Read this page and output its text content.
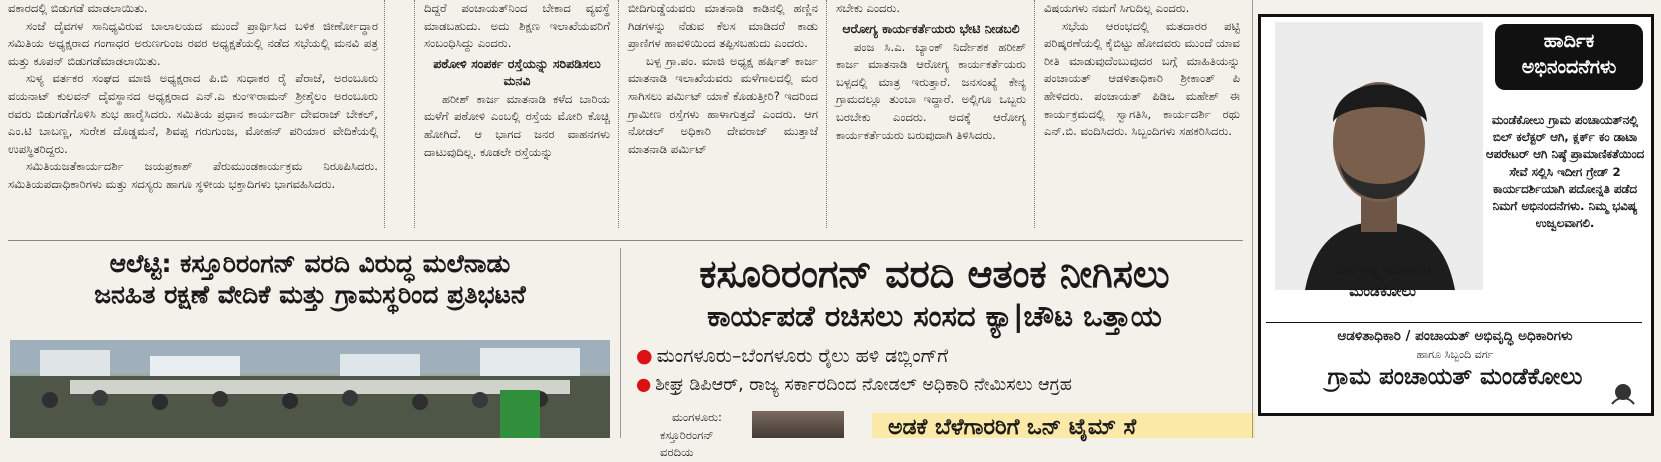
ವಕಾರದಲ್ಲಿ ಬಿಡುಗಡೆ ಮಾಡಲಾಯಿತು.

ಸಂಜೆ ದೈವಗಳ ಸಾನಿಧ್ಯವಿರುವ ಬಾಲಾಲಯದ ಮುಂದೆ ಪ್ರಾರ್ಥಿಸಿದ ಬಳಿಕ ಜೀರ್ಣೋದ್ಧಾರ ಸಮಿತಿಯ ಅಧ್ಯಕ್ಷರಾದ ಗಂಗಾಧರ ಅರುಣಗುಂಜ ರವರ ಅಧ್ಯಕ್ಷತೆಯಲ್ಲಿ ನಡೆದ ಸಭೆಯಲ್ಲಿ ಮನವಿ ಪತ್ರ ಮತ್ತು ಕೂಪನ್ ಬಿಡುಗಡೆಮಾಡಲಾಯಿತು.

ಸುಳ್ಯ ವರ್ತಕರ ಸಂಘದ ಮಾಜಿ ಅಧ್ಯಕ್ಷರಾದ ಪಿ.ಬಿ ಸುಧಾಕರ ರೈ ಪೆರಾಜೆ, ಅರಂಬೂರು ವಯನಾಟ್ ಕುಲವನ್ ದೈವಸ್ಥಾನದ ಅಧ್ಯಕ್ಷರಾದ ಎನ್.ಎ ಕುಂಞರಾಮನ್ ಶ್ರೀಶೈಲಂ ಅರಂಬೂರು ರವರು ಬಿಡುಗಡೆಗೊಳಿಸಿ ಶುಭ ಹಾರೈಸಿದರು. ಸಮಿತಿಯ ಪ್ರಧಾನ ಕಾರ್ಯದರ್ಶಿ ದೇವರಾಜ್ ಬೇಕಲ್, ಎಂ.ಟಿ ಬಾಬಣ್ಣ, ಸುರೇಶ ದೊಡ್ಡಮನೆ, ಶಿವಪ್ಪ ಗರುಗುಂಜ, ಮೋಹನ್ ಪರಿಯಾರ ವೇದಿಕೆಯಲ್ಲಿ ಉಪಸ್ಥಿತರಿದ್ದರು.

ಸಮಿತಿಯಜತೆಕಾರ್ಯದರ್ಶಿ ಜಯಪ್ರಕಾಶ್ ಪೆರುಮುಂಡಕಾರ್ಯಕ್ರಮ ನಿರೂಪಿಸಿದರು. ಸಮಿತಿಯಪದಾಧಿಕಾರಿಗಳು ಮತ್ತು ಸದಸ್ಯರು ಹಾಗೂ ಸ್ಥಳೀಯ ಭಕ್ತಾದಿಗಳು ಭಾಗವಹಿಸಿದರು.

ದಿದ್ದರೆ ಪಂಚಾಯತ್‌ನಿಂದ ಬೇಕಾದ ವ್ಯವಸ್ಥೆ ಮಾಡಬಹುದು. ಅದು ಶಿಕ್ಷಣ ಇಲಾಖೆಯವರಿಗೆ ಸಂಬಂಧಿಸಿದ್ದು ಎಂದರು.

ಪಠೋಳಿ ಸಂಪರ್ಕ ರಸ್ತೆಯನ್ನು ಸರಿಪಡಿಸಲು ಮನವಿ

ಹರೀಶ್ ಕಾರ್ಜ ಮಾತನಾಡಿ ಕಳೆದ ಬಾರಿಯ ಮಳೆಗೆ ಪಠೋಳಿ ಎಂಬಲ್ಲಿ ರಸ್ತೆಯ ಮೋರಿ ಕೊಚ್ಚಿ ಹೋಗಿದೆ. ಆ ಭಾಗದ ಜನರ ವಾಹನಗಳು ದಾಟುವುದಿಲ್ಲ. ಕೂಡಲೇ ರಸ್ತೆಯನ್ನು

ಬೀದಿಗುಡ್ಡೆಯವರು ಮಾತನಾಡಿ ಕಾಡಿನಲ್ಲಿ ಹಣ್ಣಿನ ಗಿಡಗಳನ್ನು ನೆಡುವ ಕೆಲಸ ಮಾಡಿದರೆ ಕಾಡು ಪ್ರಾಣಿಗಳ ಹಾವಳಿಯಿಂದ ತಪ್ಪಿಸಬಹುದು ಎಂದರು.

ಬಳ್ಪ ಗ್ರಾ.ಪಂ. ಮಾಜಿ ಅಧ್ಯಕ್ಷ ಹರ್ಷಿತ್ ಕಾರ್ಜ ಮಾತನಾಡಿ ಇಲಾಖೆಯವರು ಮಳೆಗಾಲದಲ್ಲಿ ಮರ ಸಾಗಿಸಲು ಪರ್ಮಿಟ್ ಯಾಕೆ ಕೊಡುತ್ತೀರಿ? ಇದರಿಂದ ಗ್ರಾಮೀಣ ರಸ್ತೆಗಳು ಹಾಳಾಗುತ್ತದೆ ಎಂದರು. ಆಗ ನೋಡಲ್ ಅಧಿಕಾರಿ ದೇವರಾಜ್ ಮುತ್ತಾಜೆ ಮಾತನಾಡಿ ಪರ್ಮಿಟ್

ಸಬೇಕು ಎಂದರು.

ಆರೋಗ್ಯ ಕಾರ್ಯಕರ್ತೆಯರು ಭೇಟಿ ನೀಡಬಲಿ

ಪಂಜ ಸಿ.ಎ. ಬ್ಯಾಂಕ್ ನಿರ್ದೇಶಕ ಹರೀಶ್ ಕಾರ್ಜ ಮಾತನಾಡಿ ಆರೋಗ್ಯ ಕಾರ್ಯಕರ್ತೆಯರು ಬಳ್ಪದಲ್ಲಿ ಮಾತ್ರ ಇರುತ್ತಾರೆ. ಜನಸಂಖ್ಯೆ ಕೇನ್ಯ ಗ್ರಾಮದಲ್ಲೂ ತುಂಬಾ ಇದ್ದಾರೆ. ಅಲ್ಲಿಗೂ ಒಬ್ಬರು ಬರಬೇಕು ಎಂದರು. ಅದಕ್ಕೆ ಆರೋಗ್ಯ ಕಾರ್ಯಕರ್ತೆಯರು ಬರುವುದಾಗಿ ತಿಳಿಸಿದರು.

ವಿಷಯಗಳು ನಮಗೆ ಸಿಗುದಿಲ್ಲ ಎಂದರು.

ಸಭೆಯ ಆರಂಭದಲ್ಲಿ ಮತದಾರರ ಪಟ್ಟಿ ಪರಿಷ್ಕರಣೆಯಲ್ಲಿ ಕೈಬಿಟ್ಟು ಹೋದವರು ಮುಂದೆ ಯಾವ ರೀತಿ ಮಾಡುವುದೆಂಬುವುದರ ಬಗ್ಗೆ ಮಾಹಿತಿಯನ್ನು ಪಂಚಾಯತ್ ಆಡಳಿತಾಧಿಕಾರಿ ಶ್ರೀಕಾಂತ್ ಪಿ ಹೇಳಿದರು. ಪಂಚಾಯತ್ ಪಿಡಿಒ ಮಹೇಶ್ ಈ ಕಾರ್ಯಕ್ರಮದಲ್ಲಿ ಸ್ವಾಗತಿಸಿ, ಕಾರ್ಯದರ್ಶಿ ರಥು ಎನ್.ಬಿ. ವಂದಿಸಿದರು. ಸಿಬ್ಬಂದಿಗಳು ಸಹಕರಿಸಿದರು.

ಆಲೆಟ್ಟಿ: ಕಸ್ತೂರಿರಂಗನ್ ವರದಿ ವಿರುದ್ಧ ಮಲೆನಾಡು
ಜನಹಿತ ರಕ್ಷಣೆ ವೇದಿಕೆ ಮತ್ತು ಗ್ರಾಮಸ್ಥರಿಂದ ಪ್ರತಿಭಟನೆ	ಕಸೂರಿರಂಗನ್ ವರದಿ ಆತಂಕ ನೀಗಿಸಲು
ಕಾರ್ಯಪಡೆ ರಚಿಸಲು ಸಂಸದ ಕ್ಯಾ|ಚೌಟ ಒತ್ತಾಯ
● ಮಂಗಳೂರು–ಬೆಂಗಳೂರು ರೈಲು ಹಳಿ ಡಬ್ಲಿಂಗ್‌ಗೆ
● ಶೀಘ್ರ ಡಿಪಿಆರ್, ರಾಜ್ಯ ಸರ್ಕಾರದಿಂದ ನೋಡಲ್ ಅಧಿಕಾರಿ ನೇಮಿಸಲು ಆಗ್ರಹ

ಮಂಗಳೂರು:

ಕಸ್ತೂರಿರಂಗನ್ ವರದಿಯ

ಅಡಕೆ ಬೆಳೆಗಾರರಿಗೆ ಒನ್ ಟೈಮ್ ಸೆ
ಹಾರ್ದಿಕ
ಅಭಿನಂದನೆಗಳು
ಮಂಡೆಕೋಲು ಗ್ರಾಮ ಪಂಚಾಯತ್‌ನಲ್ಲಿ ಬಿಲ್ ಕಲೆಕ್ಟರ್ ಆಗಿ, ಕ್ಲರ್ಕ್ ಕಂ ಡಾಟಾ ಆಪರೇಟರ್ ಆಗಿ ನಿಷ್ಠೆ ಪ್ರಾಮಾಣಿಕತೆಯಿಂದ ಸೇವೆ ಸಲ್ಲಿಸಿ ಇದೀಗ ಗ್ರೇಡ್ 2 ಕಾರ್ಯದರ್ಶಿಯಾಗಿ ಪದೋನ್ನತಿ ಪಡೆದ ನಿಮಗೆ ಅಭಿನಂದನೆಗಳು. ನಿಮ್ಮ ಭವಿಷ್ಯ ಉಜ್ವಲವಾಗಲಿ.
ಬಾಲಕೃಷ್ಣ ಮಾವಂಜಿ
ಮಂಡೆಕೋಲು
ಆಡಳಿತಾಧಿಕಾರಿ / ಪಂಚಾಯತ್ ಅಭಿವೃದ್ಧಿ ಅಧಿಕಾರಿಗಳು
ಹಾಗೂ ಸಿಬ್ಬಂದಿ ವರ್ಗ
ಗ್ರಾಮ ಪಂಚಾಯತ್ ಮಂಡೆಕೋಲು
